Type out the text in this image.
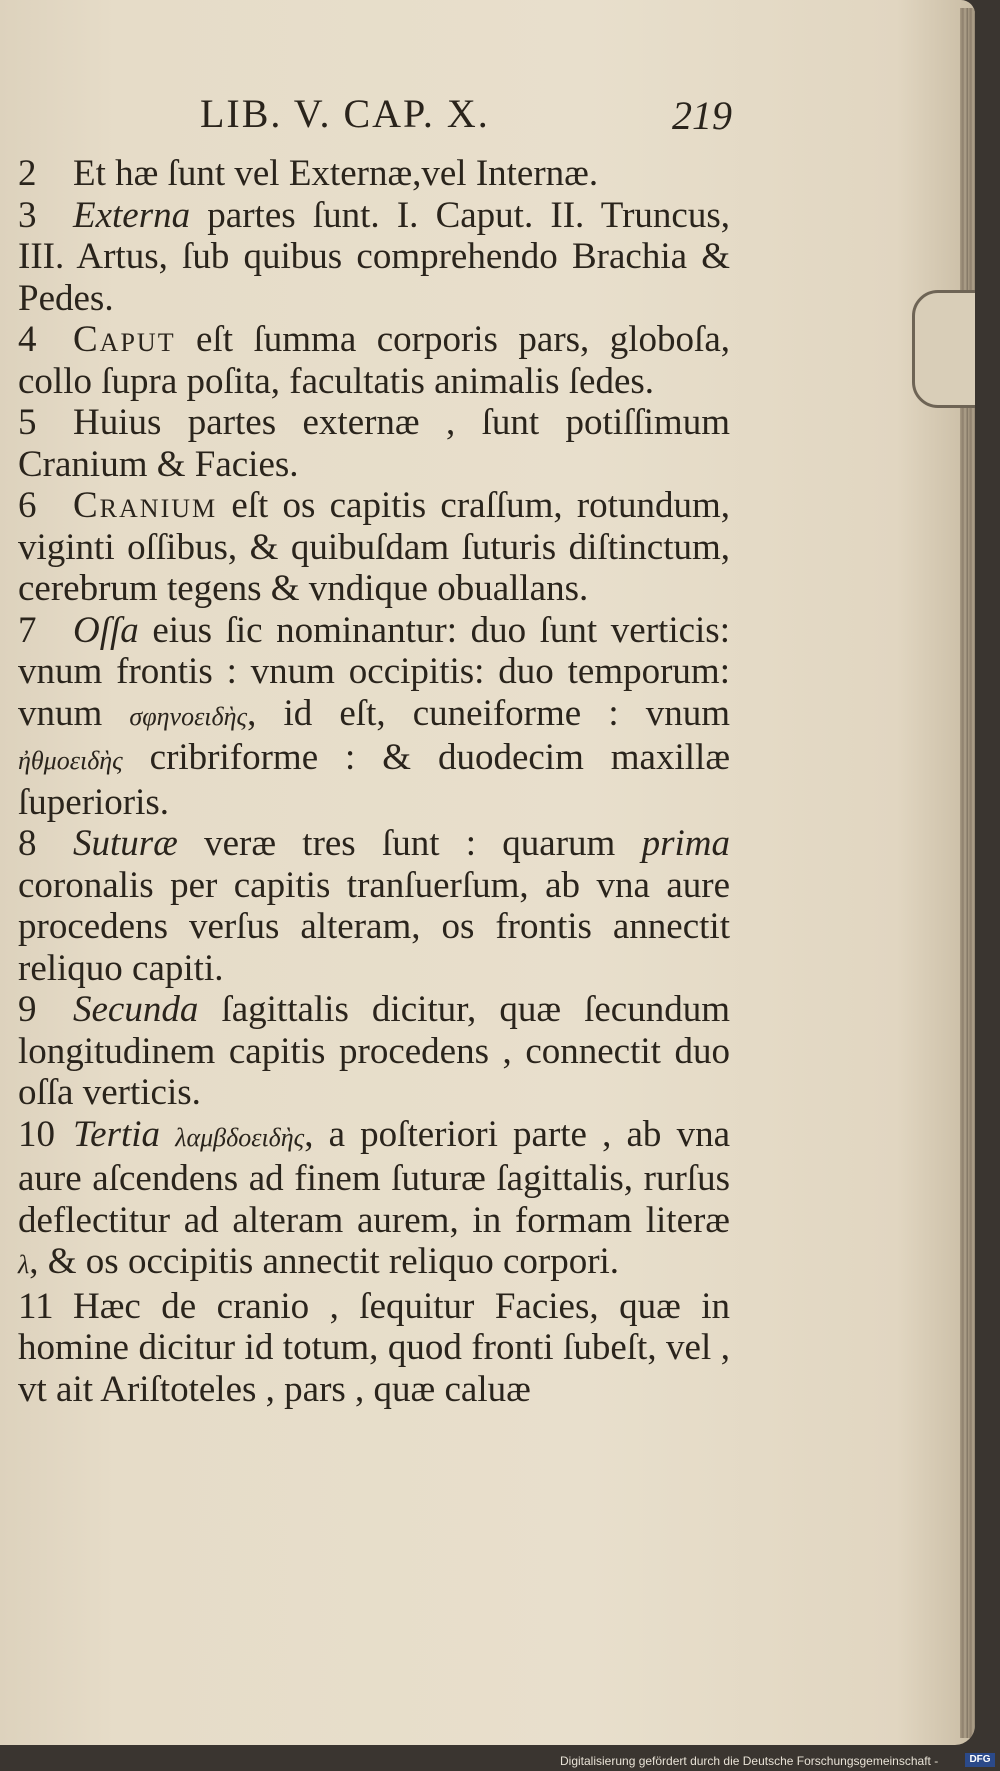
LIB. V. CAP. X.	219

2 Et hæ ſunt vel Externæ,vel Internæ.

3 Externa partes ſunt. I. Caput. II. Truncus, III. Artus, ſub quibus comprehendo Brachia & Pedes.

4 Caput eſt ſumma corporis pars, globoſa, collo ſupra poſita, facultatis animalis ſedes.

5 Huius partes externæ , ſunt potiſſimum Cranium & Facies.

6 Cranium eſt os capitis craſſum, rotundum, viginti oſſibus, & quibuſdam ſuturis diſtinctum, cerebrum tegens & vndique obuallans.

7 Oſſa eius ſic nominantur: duo ſunt verticis: vnum frontis : vnum occipitis: duo temporum: vnum σφηνοειδὴς, id eſt, cuneiforme : vnum ἠθμοειδὴς cribriforme : & duodecim maxillæ ſuperioris.

8 Suturæ veræ tres ſunt : quarum prima coronalis per capitis tranſuerſum, ab vna aure procedens verſus alteram, os frontis annectit reliquo capiti.

9 Secunda ſagittalis dicitur, quæ ſecundum longitudinem capitis procedens , connectit duo oſſa verticis.

10 Tertia λαμβδοειδὴς, a poſteriori parte , ab vna aure aſcendens ad finem ſuturæ ſagittalis, rurſus deflectitur ad alteram aurem, in formam literæ λ, & os occipitis annectit reliquo corpori.

11 Hæc de cranio , ſequitur Facies, quæ in homine dicitur id totum, quod fronti ſubeſt, vel , vt ait Ariſtoteles , pars , quæ caluæ

Digitalisierung gefördert durch die Deutsche Forschungsgemeinschaft -	DFG
